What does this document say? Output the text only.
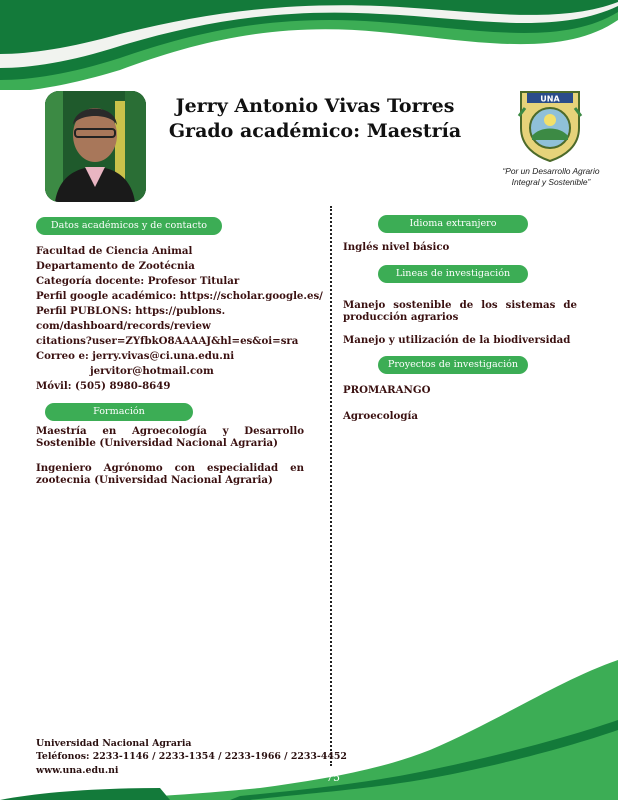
Jerry Antonio Vivas Torres
Grado académico: Maestría
UNA
“Por un Desarrollo Agrario
Integral y Sostenible”
Datos académicos y de contacto
Facultad de Ciencia Animal
Departamento de Zootécnia
Categoría docente: Profesor Titular
Perfil google académico: https://scholar.google.es/
Perfil PUBLONS: https://publons.
com/dashboard/records/review
citations?user=ZYfbkO8AAAAJ&hl=es&oi=sra
Correo e: jerry.vivas@ci.una.edu.ni
jervitor@hotmail.com
Móvil: (505) 8980-8649
Formación
Maestría en Agroecología y Desarrollo Sostenible (Universidad Nacional Agraria)
Ingeniero Agrónomo con especialidad en zootecnia (Universidad Nacional Agraria)
Idioma extranjero
Inglés nivel básico
Lineas de investigación
Manejo sostenible de los sistemas de producción agrarios
Manejo y utilización de la biodiversidad
Proyectos de investigación
PROMARANGO
Agroecología
Universidad Nacional Agraria
Teléfonos: 2233-1146 / 2233-1354 / 2233-1966 / 2233-4452
www.una.edu.ni
75
